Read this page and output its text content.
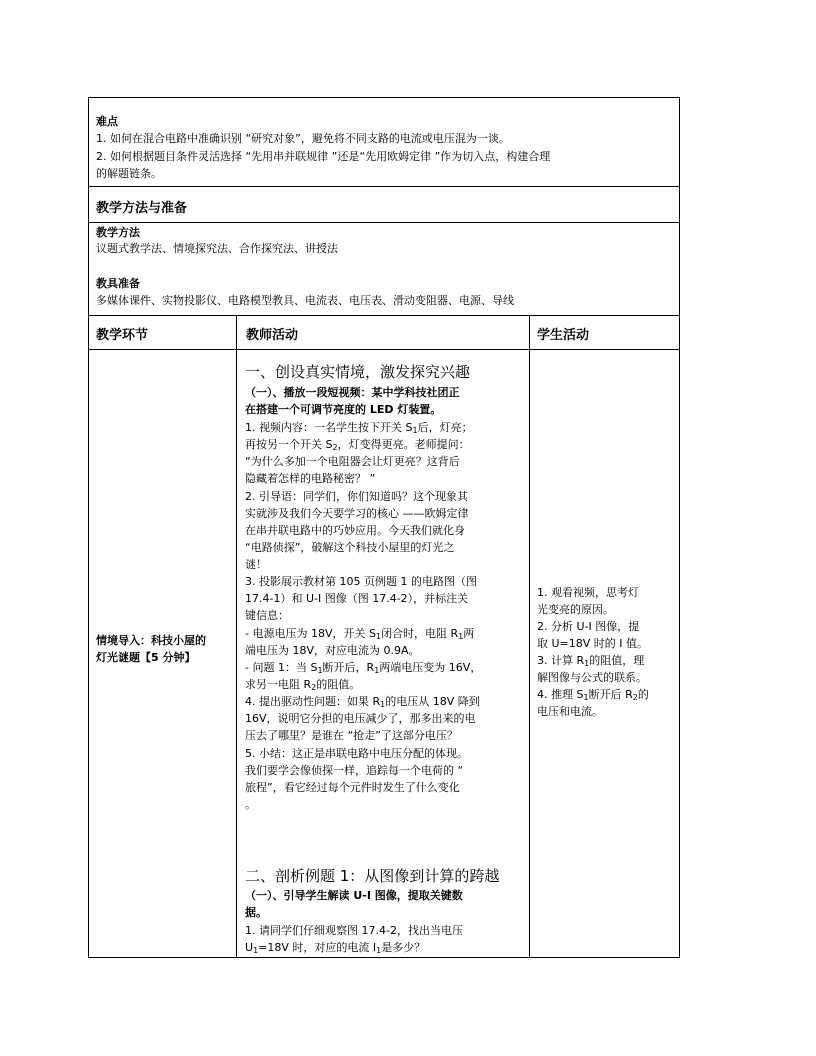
难点
1. 如何在混合电路中准确识别 “研究对象”，避免将不同支路的电流或电压混为一谈。
2. 如何根据题目条件灵活选择 “先用串并联规律 ”还是“先用欧姆定律 ”作为切入点，构建合理
的解题链条。
教学方法与准备
教学方法
议题式教学法、情境探究法、合作探究法、讲授法
教具准备
多媒体课件、实物投影仪、电路模型教具、电流表、电压表、滑动变阻器、电源、导线
教学环节	教师活动	学生活动
情境导入：科技小屋的
灯光谜题【5 分钟】
一、创设真实情境，激发探究兴趣
（一）、播放一段短视频：某中学科技社团正
在搭建一个可调节亮度的 LED 灯装置。
1. 视频内容：一名学生按下开关 $S_1$后，灯亮；
再按另一个开关 $S_2$，灯变得更亮。老师提问：
“为什么多加一个电阻器会让灯更亮？这背后
隐藏着怎样的电路秘密？ ”
2. 引导语：同学们，你们知道吗？这个现象其
实就涉及我们今天要学习的核心 ——欧姆定律
在串并联电路中的巧妙应用。今天我们就化身
“电路侦探”，破解这个科技小屋里的灯光之
谜！
3. 投影展示教材第 105 页例题 1 的电路图（图
17.4-1）和 U-I 图像（图 17.4-2），并标注关
键信息：
- 电源电压为 18V，开关 $S_1$闭合时，电阻 $R_1$两
端电压为 18V，对应电流为 0.9A。
- 问题 1：当 $S_1$断开后，$R_1$两端电压变为 16V，
求另一电阻 $R_2$的阻值。
4. 提出驱动性问题：如果 $R_1$的电压从 18V 降到
16V，说明它分担的电压减少了，那多出来的电
压去了哪里？是谁在 “抢走”了这部分电压？
5. 小结：这正是串联电路中电压分配的体现。
我们要学会像侦探一样，追踪每一个电荷的 “
旅程”，看它经过每个元件时发生了什么变化
。
二、剖析例题 1：从图像到计算的跨越
（一）、引导学生解读 U-I 图像，提取关键数
据。
1. 请同学们仔细观察图 17.4-2，找出当电压
$U_1=18V$ 时，对应的电流 $I_1$是多少？
1. 观看视频，思考灯
光变亮的原因。
2. 分析 U-I 图像，提
取 U=18V 时的 I 值。
3. 计算 $R_1$的阻值，理
解图像与公式的联系。
4. 推理 $S_1$断开后 $R_2$的
电压和电流。
